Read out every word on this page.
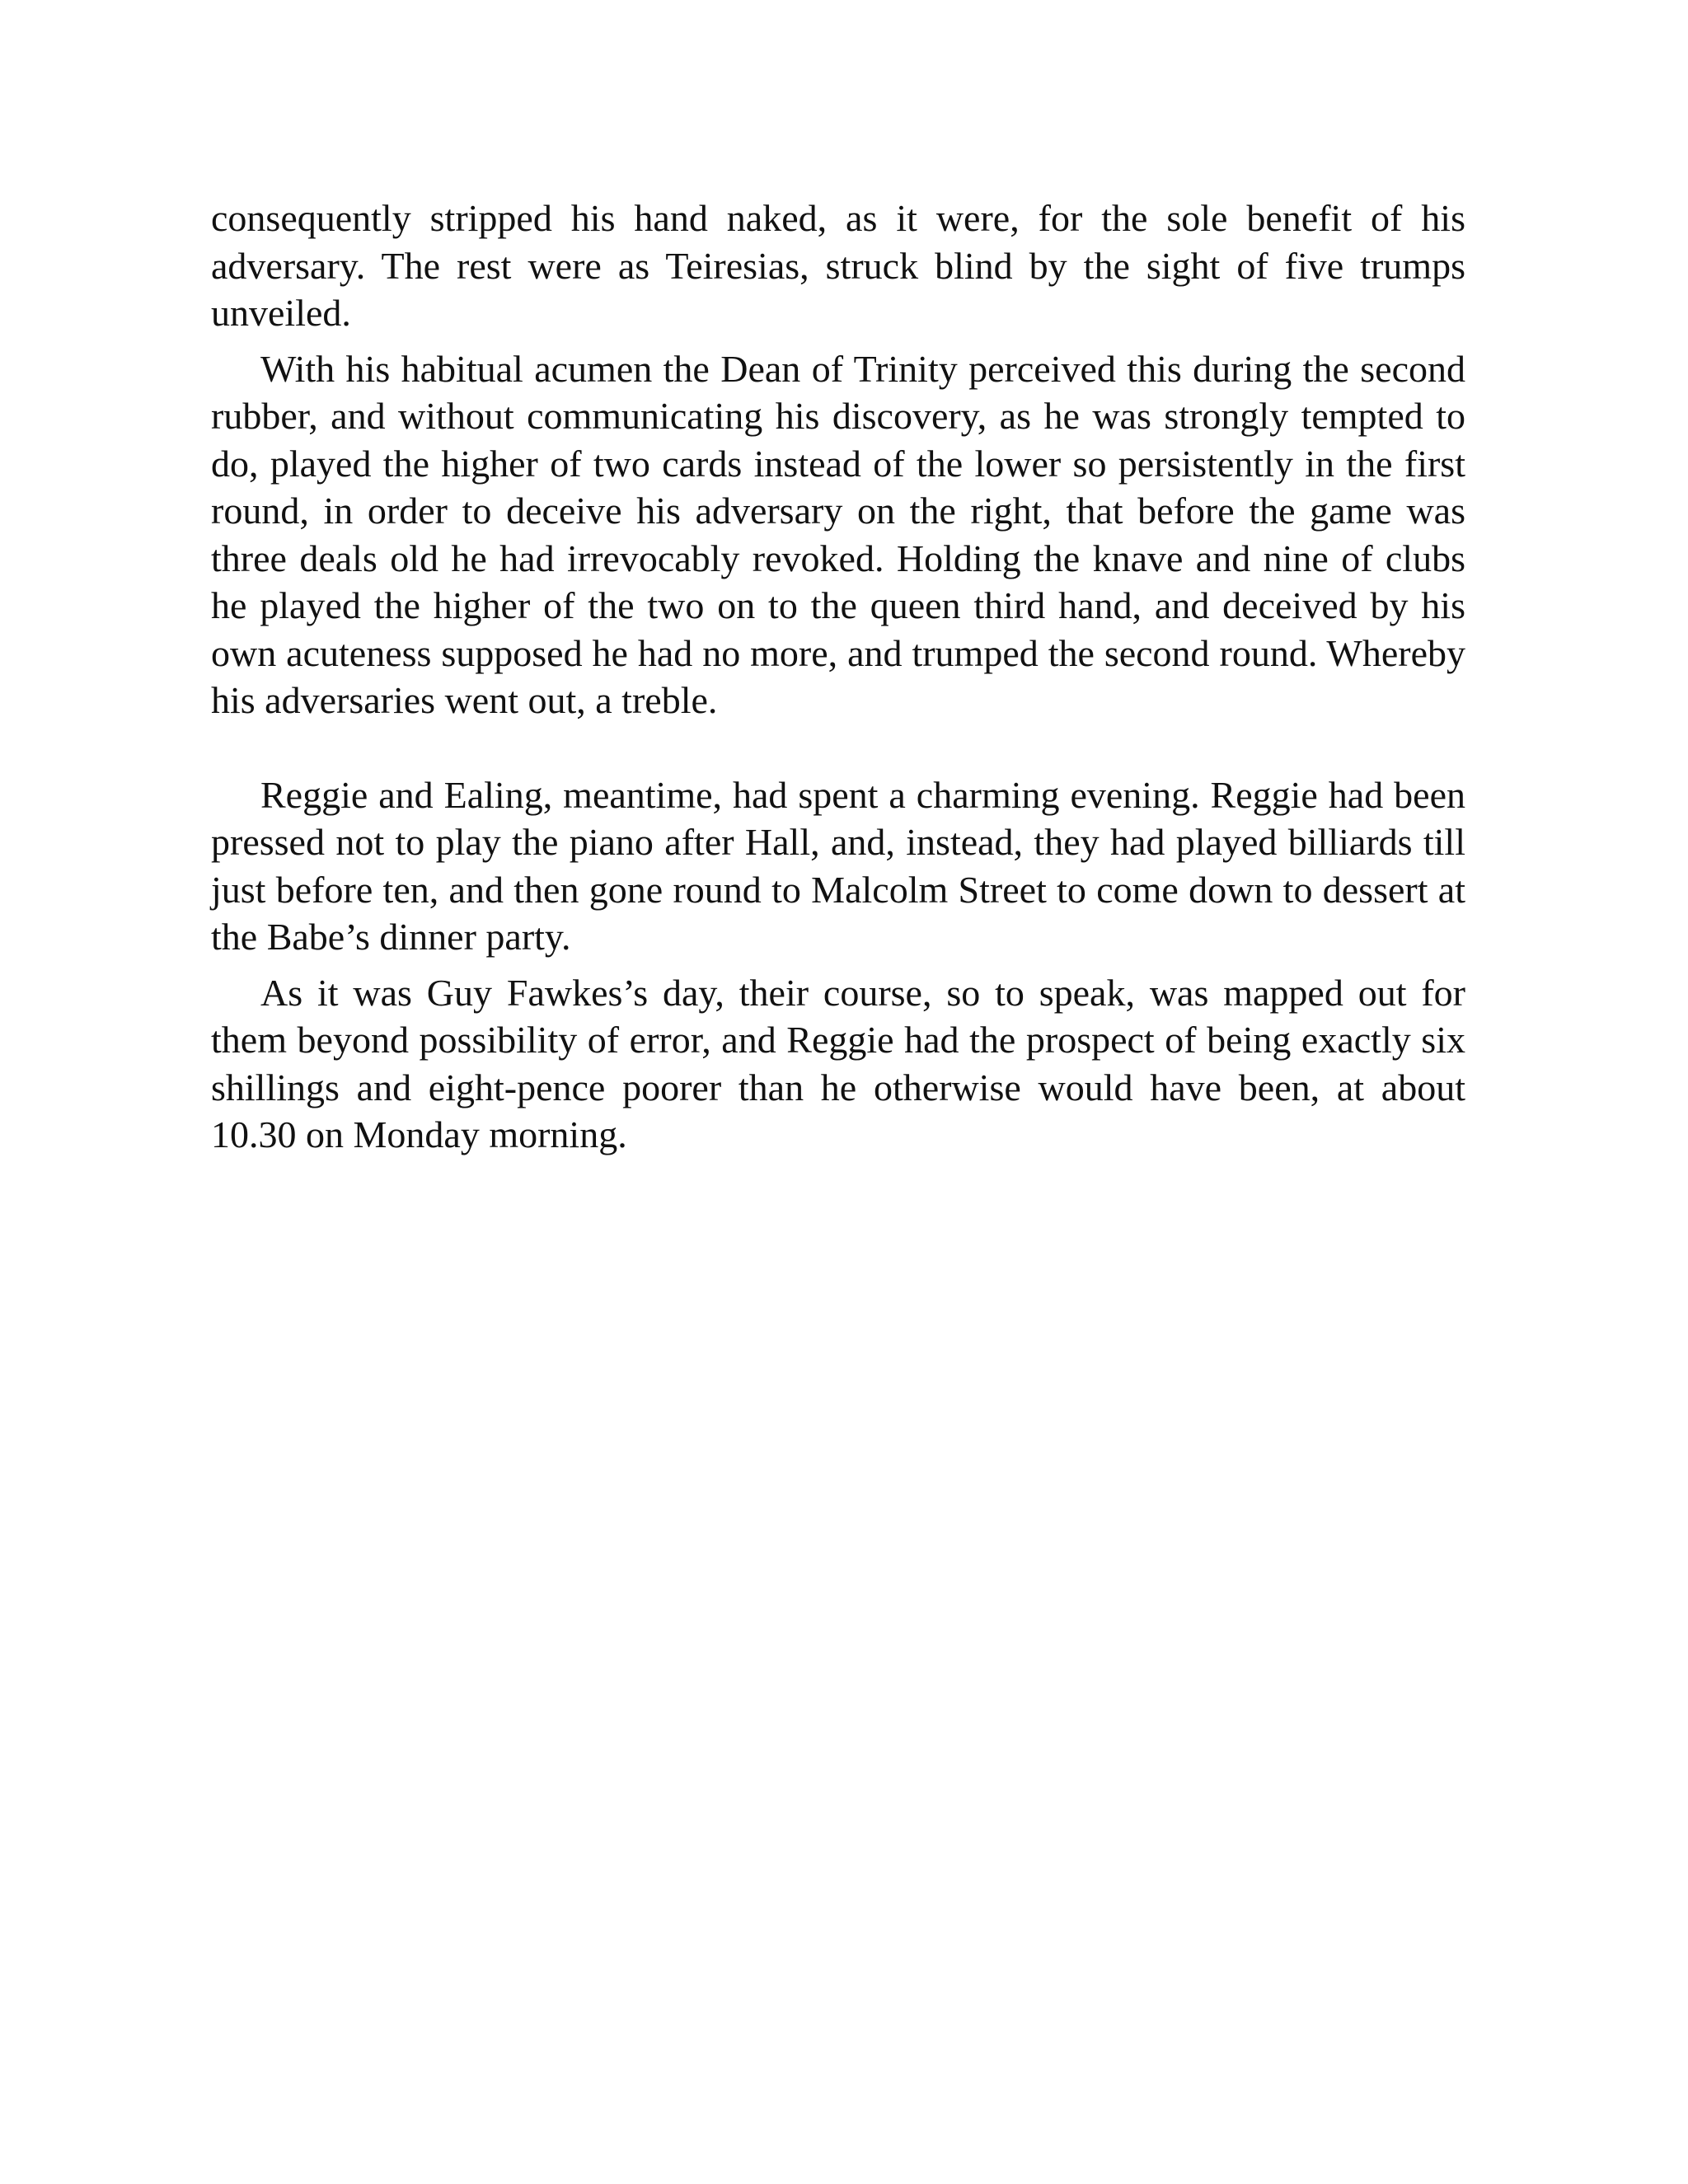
consequently stripped his hand naked, as it were, for the sole benefit of his adversary. The rest were as Teiresias, struck blind by the sight of five trumps unveiled.

With his habitual acumen the Dean of Trinity perceived this during the second rubber, and without communicating his discovery, as he was strongly tempted to do, played the higher of two cards instead of the lower so persistently in the first round, in order to deceive his adversary on the right, that before the game was three deals old he had irrevocably revoked. Holding the knave and nine of clubs he played the higher of the two on to the queen third hand, and deceived by his own acuteness supposed he had no more, and trumped the second round. Whereby his adversaries went out, a treble.

Reggie and Ealing, meantime, had spent a charming evening. Reggie had been pressed not to play the piano after Hall, and, instead, they had played billiards till just before ten, and then gone round to Malcolm Street to come down to dessert at the Babe’s dinner party.

As it was Guy Fawkes’s day, their course, so to speak, was mapped out for them beyond possibility of error, and Reggie had the prospect of being exactly six shillings and eight-pence poorer than he otherwise would have been, at about 10.30 on Monday morning.
